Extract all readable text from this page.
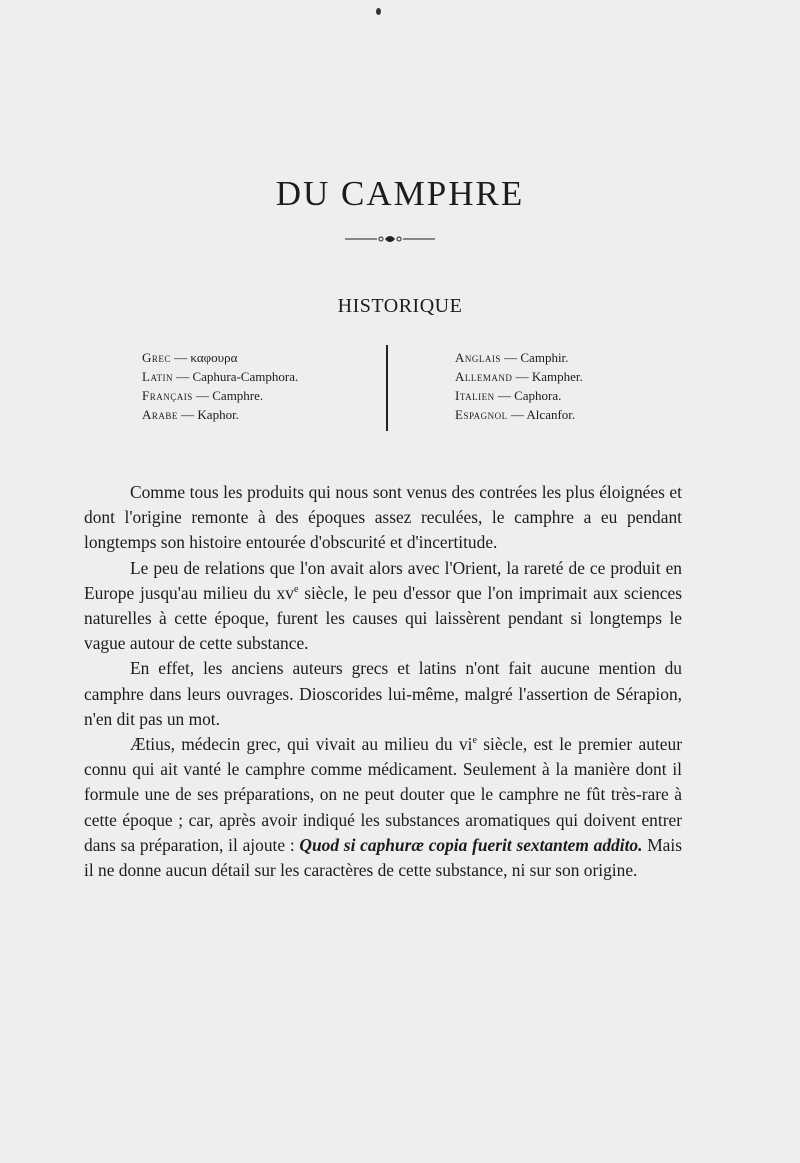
DU CAMPHRE
HISTORIQUE
Grec — καφουρα
Latin — Caphura-Camphora.
Français — Camphre.
Arabe — Kaphor.
Anglais — Camphir.
Allemand — Kampher.
Italien — Caphora.
Espagnol — Alcanfor.

Comme tous les produits qui nous sont venus des contrées les plus éloignées et dont l'origine remonte à des époques assez reculées, le camphre a eu pendant longtemps son histoire entourée d'obscurité et d'incertitude.

Le peu de relations que l'on avait alors avec l'Orient, la rareté de ce produit en Europe jusqu'au milieu du $xv^e$ siècle, le peu d'essor que l'on imprimait aux sciences naturelles à cette époque, furent les causes qui laissèrent pendant si longtemps le vague autour de cette substance.

En effet, les anciens auteurs grecs et latins n'ont fait aucune mention du camphre dans leurs ouvrages. Dioscorides lui-même, malgré l'assertion de Sérapion, n'en dit pas un mot.

Ætius, médecin grec, qui vivait au milieu du $vi^e$ siècle, est le premier auteur connu qui ait vanté le camphre comme médicament. Seulement à la manière dont il formule une de ses préparations, on ne peut douter que le camphre ne fût très-rare à cette époque ; car, après avoir indiqué les substances aromatiques qui doivent entrer dans sa préparation, il ajoute : Quod si caphuræ copia fuerit sextantem addito. Mais il ne donne aucun détail sur les caractères de cette substance, ni sur son origine.
